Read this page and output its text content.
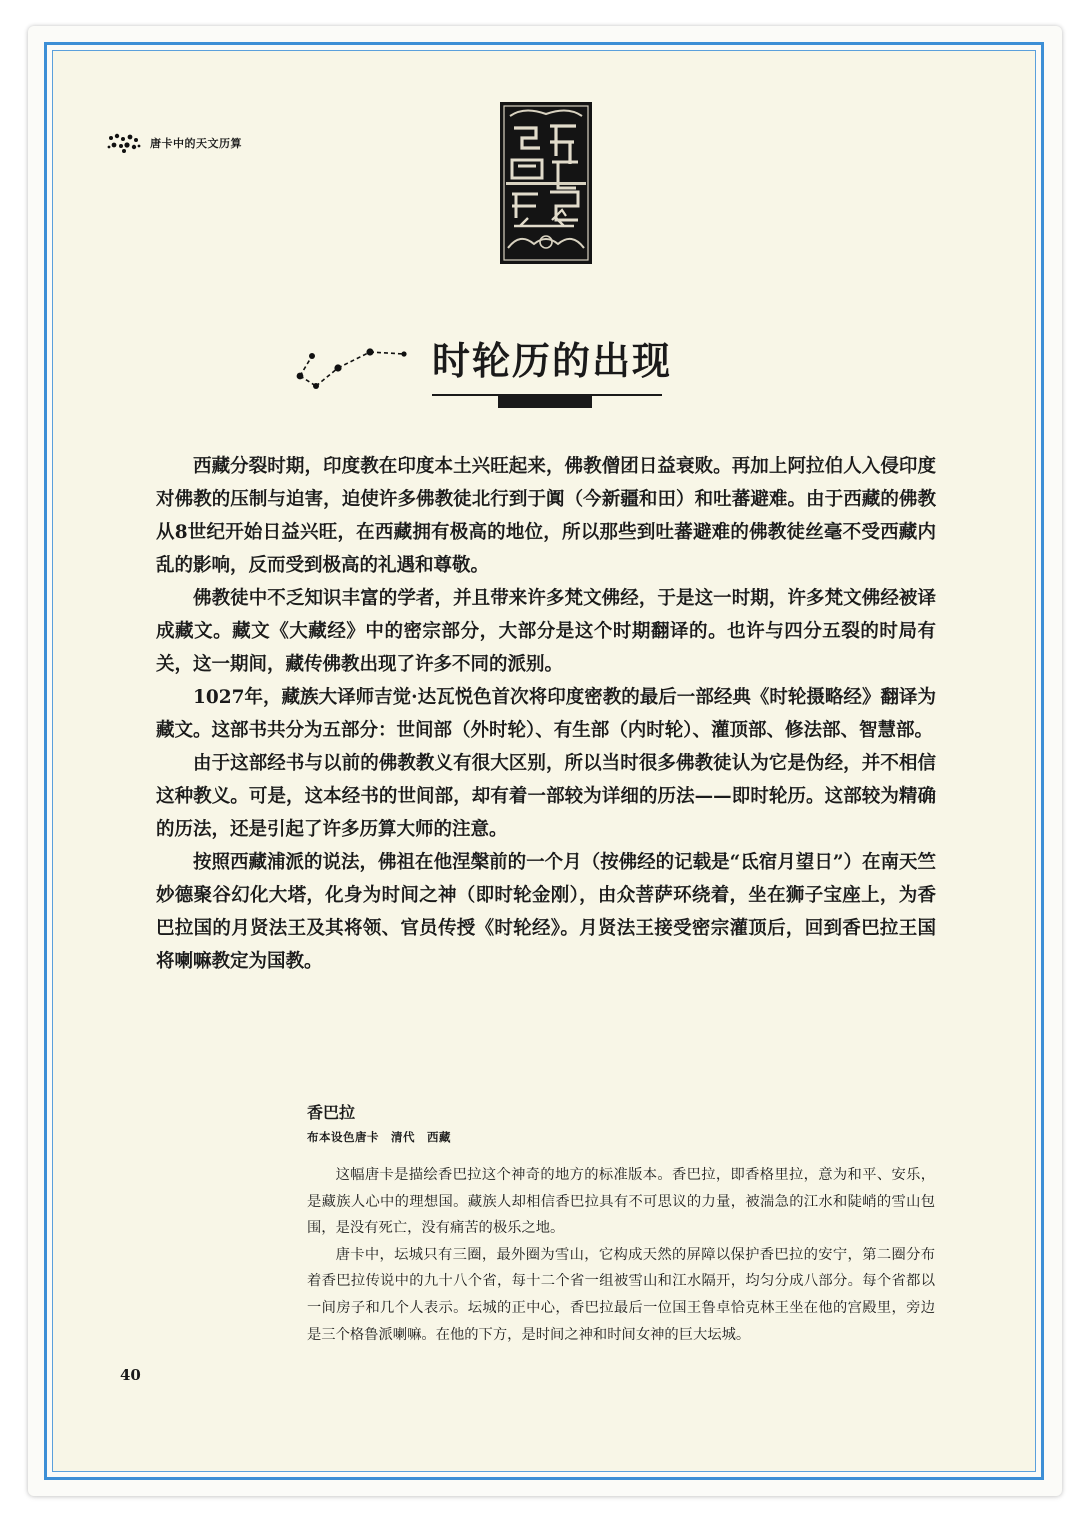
唐卡中的天文历算
时轮历的出现

西藏分裂时期，印度教在印度本土兴旺起来，佛教僧团日益衰败。再加上阿拉伯人入侵印度对佛教的压制与迫害，迫使许多佛教徒北行到于阗（今新疆和田）和吐蕃避难。由于西藏的佛教从8世纪开始日益兴旺，在西藏拥有极高的地位，所以那些到吐蕃避难的佛教徒丝毫不受西藏内乱的影响，反而受到极高的礼遇和尊敬。

佛教徒中不乏知识丰富的学者，并且带来许多梵文佛经，于是这一时期，许多梵文佛经被译成藏文。藏文《大藏经》中的密宗部分，大部分是这个时期翻译的。也许与四分五裂的时局有关，这一期间，藏传佛教出现了许多不同的派别。

1027年，藏族大译师吉觉·达瓦悦色首次将印度密教的最后一部经典《时轮摄略经》翻译为藏文。这部书共分为五部分：世间部（外时轮）、有生部（内时轮）、灌顶部、修法部、智慧部。

由于这部经书与以前的佛教教义有很大区别，所以当时很多佛教徒认为它是伪经，并不相信这种教义。可是，这本经书的世间部，却有着一部较为详细的历法——即时轮历。这部较为精确的历法，还是引起了许多历算大师的注意。

按照西藏浦派的说法，佛祖在他涅槃前的一个月（按佛经的记载是“氐宿月望日”）在南天竺妙德聚谷幻化大塔，化身为时间之神（即时轮金刚），由众菩萨环绕着，坐在狮子宝座上，为香巴拉国的月贤法王及其将领、官员传授《时轮经》。月贤法王接受密宗灌顶后，回到香巴拉王国将喇嘛教定为国教。

香巴拉
布本设色唐卡　清代　西藏

这幅唐卡是描绘香巴拉这个神奇的地方的标准版本。香巴拉，即香格里拉，意为和平、安乐，是藏族人心中的理想国。藏族人却相信香巴拉具有不可思议的力量，被湍急的江水和陡峭的雪山包围，是没有死亡，没有痛苦的极乐之地。

唐卡中，坛城只有三圈，最外圈为雪山，它构成天然的屏障以保护香巴拉的安宁，第二圈分布着香巴拉传说中的九十八个省，每十二个省一组被雪山和江水隔开，均匀分成八部分。每个省都以一间房子和几个人表示。坛城的正中心，香巴拉最后一位国王鲁卓恰克林王坐在他的宫殿里，旁边是三个格鲁派喇嘛。在他的下方，是时间之神和时间女神的巨大坛城。

40
